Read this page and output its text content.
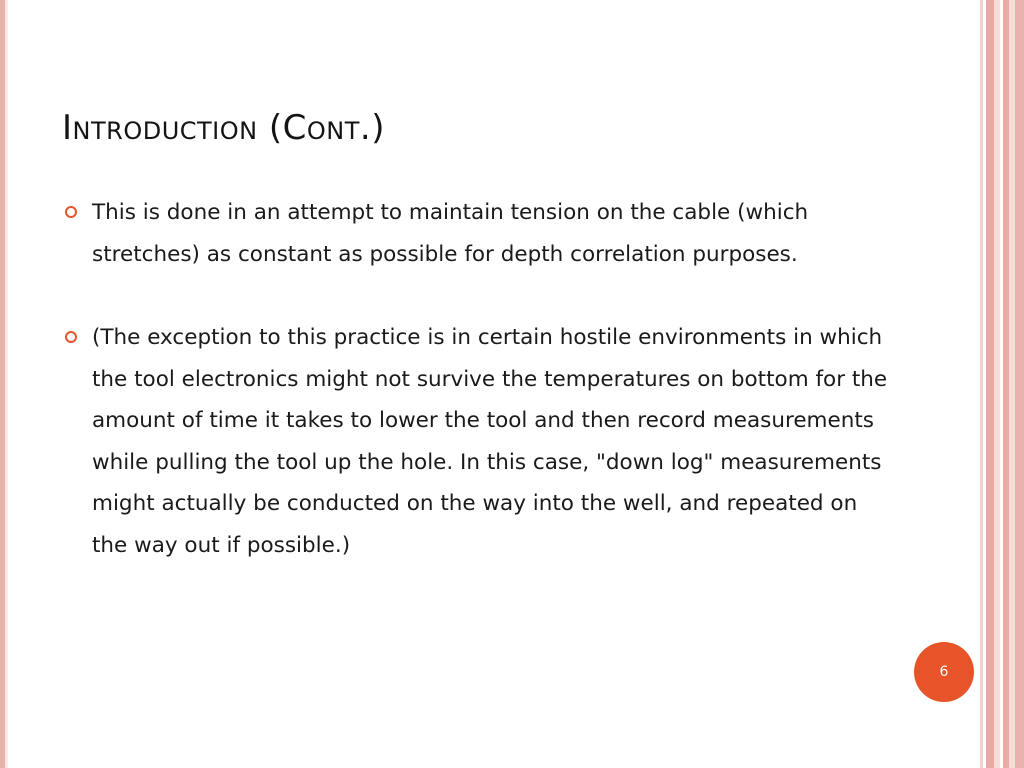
Introduction (Cont.)
This is done in an attempt to maintain tension on the cable (which stretches) as constant as possible for depth correlation purposes.
(The exception to this practice is in certain hostile environments in which the tool electronics might not survive the temperatures on bottom for the amount of time it takes to lower the tool and then record measurements while pulling the tool up the hole. In this case, "down log" measurements might actually be conducted on the way into the well, and repeated on the way out if possible.)
6
